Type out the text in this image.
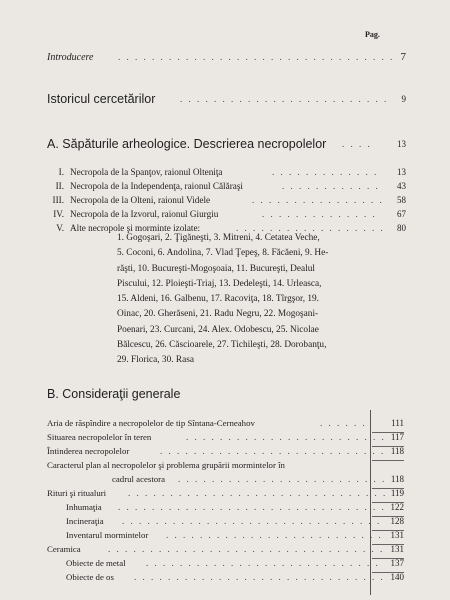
Pag.
Introducere	. . . . . . . . . . . . . . . . . . . . . . . . . . . . . . . . . 7
Istoricul cercetărilor	. . . . . . . . . . . . . . . . . . . . . . . . .	9
A. Săpăturile arheologice. Descrierea necropolelor . . . .	13
I. Necropola de la Spanţov, raionul Olteniţa	. . . . . . . . . . . . .	13
II. Necropola de la Independenţa, raionul Călăraşi	. . . . . . . . . . . .	43
III. Necropola de la Olteni, raionul Videle	. . . . . . . . . . . . . . . .	58
IV. Necropola de la Izvorul, raionul Giurgiu	. . . . . . . . . . . . . .	67
V. Alte necropole şi morminte izolate:	. . . . . . . . . . . . . . . . . .	80
1. Gogoşari, 2. Ţigăneşti, 3. Mitreni, 4. Cetatea Veche,
5. Coconi, 6. Andolina, 7. Vlad Ţepeş, 8. Făcăeni, 9. He-
răşti, 10. Bucureşti-Mogoşoaia, 11. Bucureşti, Dealul
Piscului, 12. Ploieşti-Triaj, 13. Dedeleşti, 14. Urleasca,
15. Aldeni, 16. Galbenu, 17. Racoviţa, 18. Tîrgşor, 19.
Oinac, 20. Gherăseni, 21. Radu Negru, 22. Mogoşani-
Poenari, 23. Curcani, 24. Alex. Odobescu, 25. Nicolae
Bălcescu, 26. Căscioarele, 27. Tichileşti, 28. Dorobanţu,
29. Florica, 30. Rasa
B. Consideraţii generale
Aria de răspîndire a necropolelor de tip Sîntana-Cerneahov	. . . . . .	111
Situarea necropolelor în teren	. . . . . . . . . . . . . . . . . . . . . . . . 117
Întinderea necropolelor	. . . . . . . . . . . . . . . . . . . . . . . . . . . 118
Caracterul plan al necropolelor şi problema grupării mormintelor în
cadrul acestora . . . . . . . . . . . . . . . . . . . . . . . . . 118
Rituri şi ritualuri . . . . . . . . . . . . . . . . . . . . . . . . . . . . . . . 119
Inhumaţia . . . . . . . . . . . . . . . . . . . . . . . . . . . . . . . . 122
Incineraţia . . . . . . . . . . . . . . . . . . . . . . . . . . . . . . .	128
Inventarul mormintelor . . . . . . . . . . . . . . . . . . . . . . . . . . 131
Ceramica	. . . . . . . . . . . . . . . . . . . . . . . . . . . . . . . . . 131
Obiecte de metal . . . . . . . . . . . . . . . . . . . . . . . . . . . .	137
Obiecte de os . . . . . . . . . . . . . . . . . . . . . . . . . . . . . . 140
